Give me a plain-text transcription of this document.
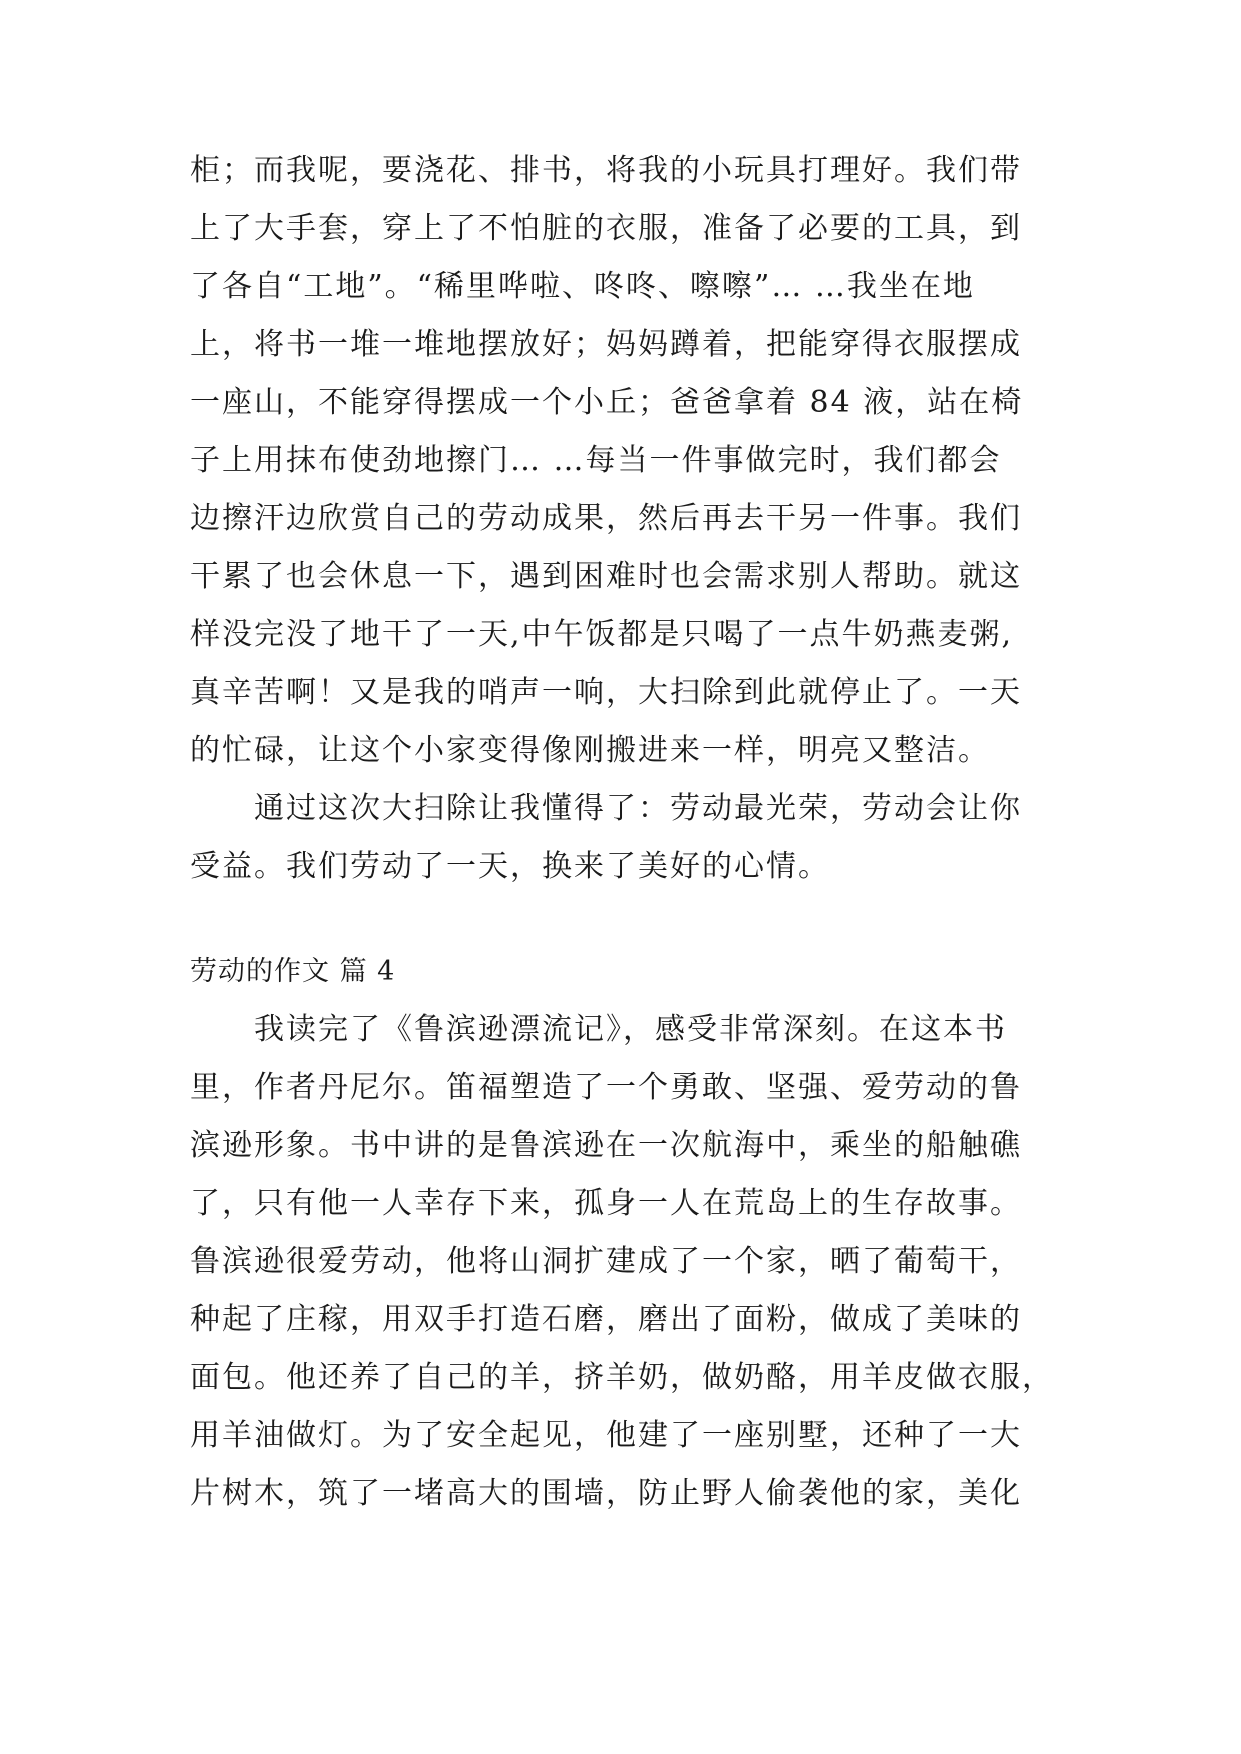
柜；而我呢，要浇花、排书，将我的小玩具打理好。我们带
上了大手套，穿上了不怕脏的衣服，准备了必要的工具，到
了各自“工地”。“稀里哗啦、咚咚、嚓嚓”… …我坐在地
上，将书一堆一堆地摆放好；妈妈蹲着，把能穿得衣服摆成
一座山，不能穿得摆成一个小丘；爸爸拿着 84 液，站在椅
子上用抹布使劲地擦门… …每当一件事做完时，我们都会
边擦汗边欣赏自己的劳动成果，然后再去干另一件事。我们
干累了也会休息一下，遇到困难时也会需求别人帮助。就这
样没完没了地干了一天,中午饭都是只喝了一点牛奶燕麦粥,
真辛苦啊！又是我的哨声一响，大扫除到此就停止了。一天
的忙碌，让这个小家变得像刚搬进来一样，明亮又整洁。
通过这次大扫除让我懂得了：劳动最光荣，劳动会让你
受益。我们劳动了一天，换来了美好的心情。
劳动的作文 篇 4
我读完了《鲁滨逊漂流记》，感受非常深刻。在这本书
里，作者丹尼尔。笛福塑造了一个勇敢、坚强、爱劳动的鲁
滨逊形象。书中讲的是鲁滨逊在一次航海中，乘坐的船触礁
了，只有他一人幸存下来，孤身一人在荒岛上的生存故事。
鲁滨逊很爱劳动，他将山洞扩建成了一个家，晒了葡萄干，
种起了庄稼，用双手打造石磨，磨出了面粉，做成了美味的
面包。他还养了自己的羊，挤羊奶，做奶酪，用羊皮做衣服，
用羊油做灯。为了安全起见，他建了一座别墅，还种了一大
片树木，筑了一堵高大的围墙，防止野人偷袭他的家，美化
